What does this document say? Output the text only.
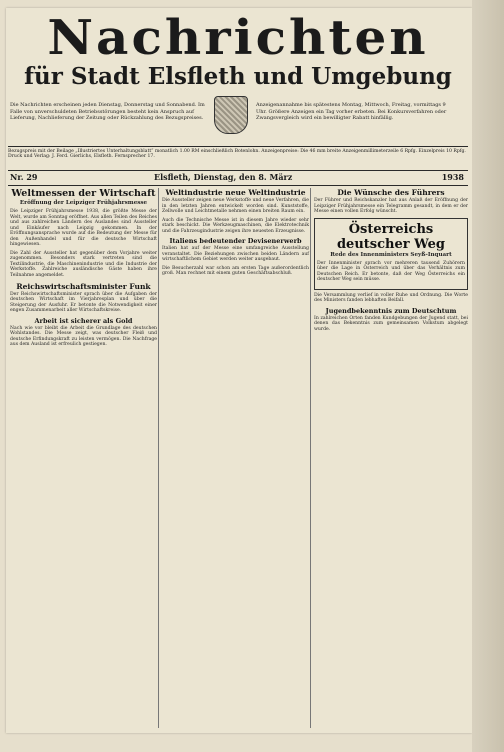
Nachrichten
für Stadt Elsfleth und Umgebung
Die Nachrichten erscheinen jeden Dienstag, Donnerstag und Sonnabend. Im Falle von unverschuldeten Betriebsstörungen besteht kein Anspruch auf Lieferung, Nachlieferung der Zeitung oder Rückzahlung des Bezugspreises.
Anzeigenannahme bis spätestens Montag, Mittwoch, Freitag, vormittags 9 Uhr. Größere Anzeigen ein Tag vorher erbeten. Bei Konkursverfahren oder Zwangsvergleich wird ein bewilligter Rabatt hinfällig.
Bezugspreis mit der Beilage „Illustriertes Unterhaltungsblatt“ monatlich 1.00 RM einschließlich Botenlohn. Anzeigenpreise: Die 46 mm breite Anzeigenmillimeterzeile 6 Rpfg. Einzelpreis 10 Rpfg. Druck und Verlag: J. Ferd. Gierlichs, Elsfleth. Fernsprecher 17.
Nr. 29	Elsfleth, Dienstag, den 8. März	1938
Weltmessen der Wirtschaft
Eröffnung der Leipziger Frühjahrsmesse
Die Leipziger Frühjahrsmesse 1938, die größte Messe der Welt, wurde am Sonntag eröffnet. Aus allen Teilen des Reiches und aus zahlreichen Ländern des Auslandes sind Aussteller und Einkäufer nach Leipzig gekommen. In der Eröffnungsansprache wurde auf die Bedeutung der Messe für den Außenhandel und für die deutsche Wirtschaft hingewiesen.
Die Zahl der Aussteller hat gegenüber dem Vorjahre weiter zugenommen. Besonders stark vertreten sind die Textilindustrie, die Maschinenindustrie und die Industrie der Werkstoffe. Zahlreiche ausländische Gäste haben ihre Teilnahme angemeldet.
Reichswirtschaftsminister Funk
Der Reichswirtschaftsminister sprach über die Aufgaben der deutschen Wirtschaft im Vierjahresplan und über die Steigerung der Ausfuhr. Er betonte die Notwendigkeit einer engen Zusammenarbeit aller Wirtschaftskreise.
Arbeit ist sicherer als Gold
Nach wie vor bleibt die Arbeit die Grundlage des deutschen Wohlstandes. Die Messe zeigt, was deutscher Fleiß und deutsche Erfindungskraft zu leisten vermögen. Die Nachfrage aus dem Ausland ist erfreulich gestiegen.
Weltindustrie neue Weltindustrie
Die Aussteller zeigen neue Werkstoffe und neue Verfahren, die in den letzten Jahren entwickelt worden sind. Kunststoffe, Zellwolle und Leichtmetalle nehmen einen breiten Raum ein.
Auch die Technische Messe ist in diesem Jahre wieder sehr stark beschickt. Die Werkzeugmaschinen, die Elektrotechnik und die Fahrzeugindustrie zeigen ihre neuesten Erzeugnisse.
Italiens bedeutender Devisenerwerb
Italien hat auf der Messe eine umfangreiche Ausstellung veranstaltet. Die Beziehungen zwischen beiden Ländern auf wirtschaftlichem Gebiet werden weiter ausgebaut.
Die Besucherzahl war schon am ersten Tage außerordentlich groß. Man rechnet mit einem guten Geschäftsabschluß.
Die Wünsche des Führers
Der Führer und Reichskanzler hat aus Anlaß der Eröffnung der Leipziger Frühjahrsmesse ein Telegramm gesandt, in dem er der Messe einen vollen Erfolg wünscht.
Österreichs deutscher Weg
Rede des Innenministers Seyß-Inquart
Der Innenminister sprach vor mehreren tausend Zuhörern über die Lage in Österreich und über das Verhältnis zum Deutschen Reich. Er betonte, daß der Weg Österreichs ein deutscher Weg sein müsse.
Die Versammlung verlief in voller Ruhe und Ordnung. Die Worte des Ministers fanden lebhaften Beifall.
Jugendbekenntnis zum Deutschtum
In zahlreichen Orten fanden Kundgebungen der Jugend statt, bei denen das Bekenntnis zum gemeinsamen Volkstum abgelegt wurde.
